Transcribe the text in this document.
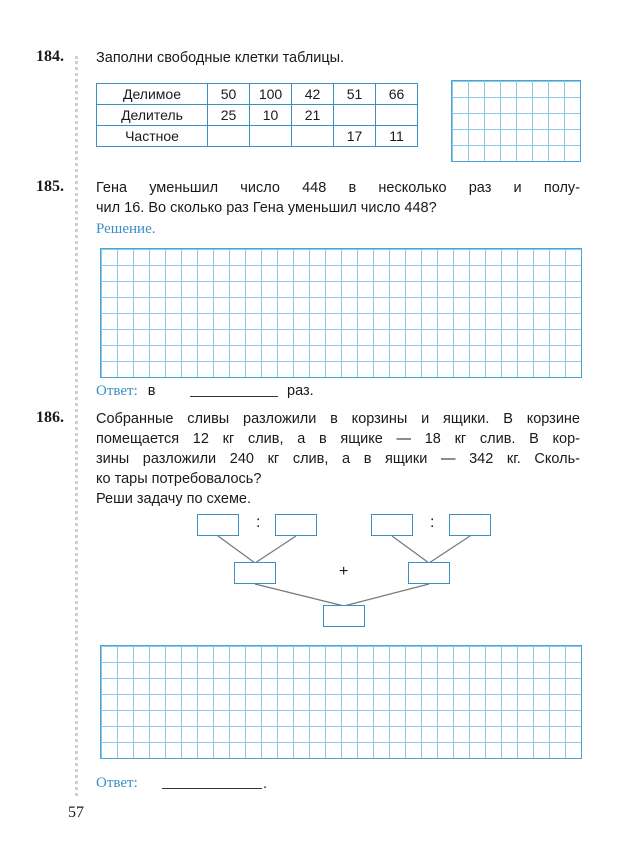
184. Заполни свободные клетки таблицы.
Делимое	50	100	42	51	66
Делитель	25	10	21		
Частное				17	11
185. Гена уменьшил число 448 в несколько раз и полу-
чил 16. Во сколько раз Гена уменьшил число 448?
Решение.
Ответ: в	раз.
186. Собранные сливы разложили в корзины и ящики. В корзине
помещается 12 кг слив, а в ящике — 18 кг слив. В кор-
зины разложили 240 кг слив, а в ящики — 342 кг. Сколь-
ко тары потребовалось?
Реши задачу по схеме.
:	:
+
Ответ:	.
57
